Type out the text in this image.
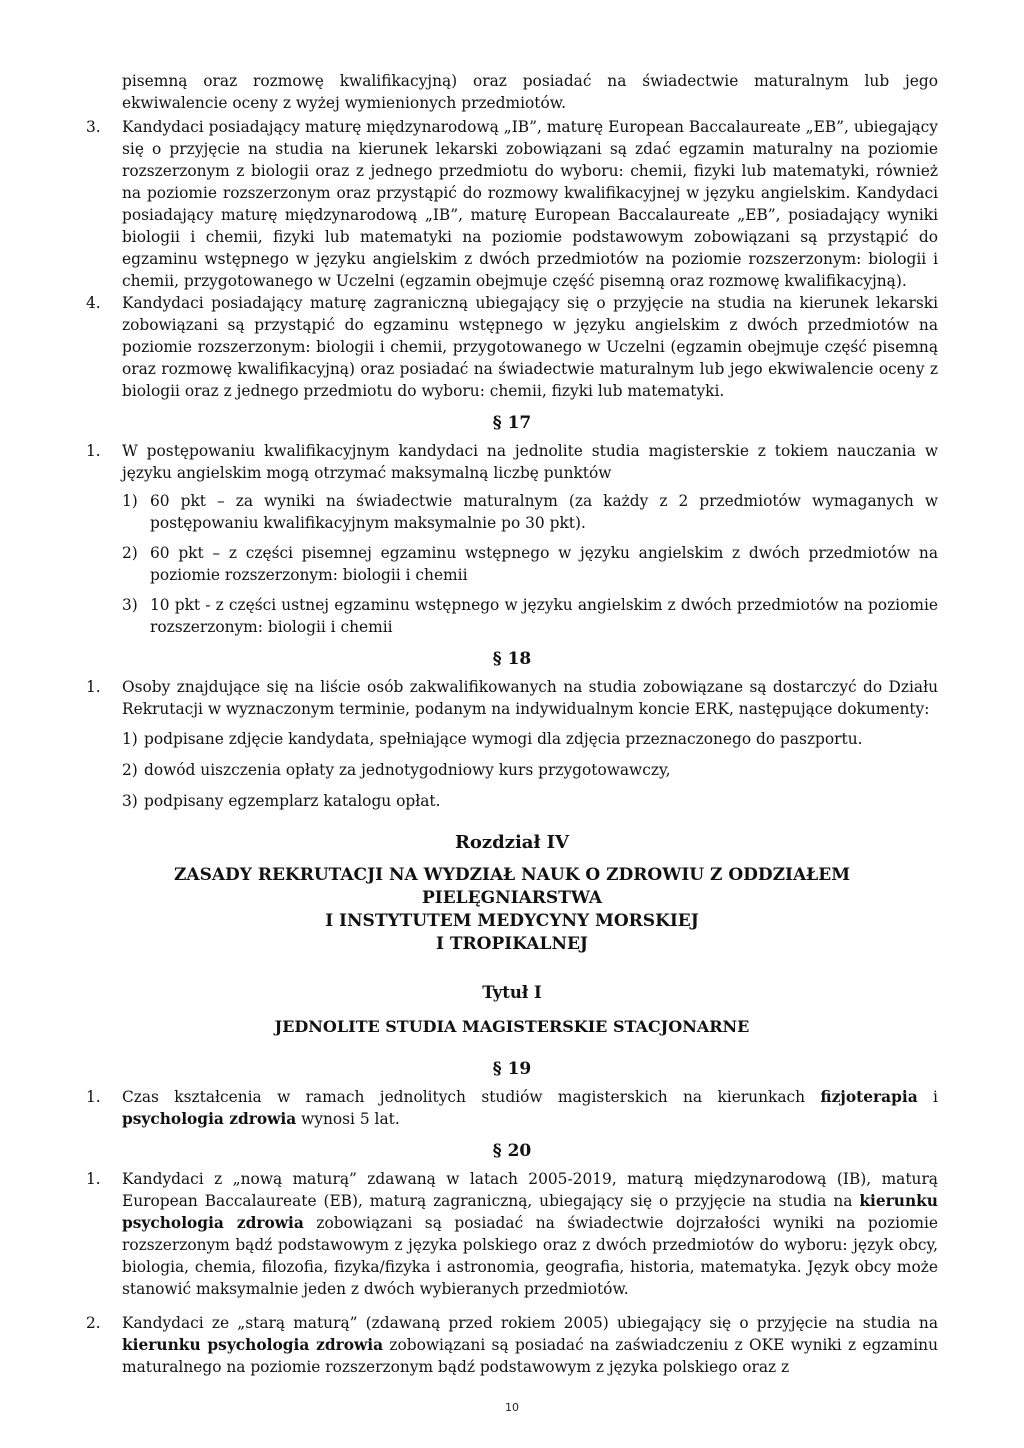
pisemną oraz rozmowę kwalifikacyjną) oraz posiadać na świadectwie maturalnym lub jego ekwiwalencie oceny z wyżej wymienionych przedmiotów.
3. Kandydaci posiadający maturę międzynarodową „IB”, maturę European Baccalaureate „EB”, ubiegający się o przyjęcie na studia na kierunek lekarski zobowiązani są zdać egzamin maturalny na poziomie rozszerzonym z biologii oraz z jednego przedmiotu do wyboru: chemii, fizyki lub matematyki, również na poziomie rozszerzonym oraz przystąpić do rozmowy kwalifikacyjnej w języku angielskim. Kandydaci posiadający maturę międzynarodową „IB”, maturę European Baccalaureate „EB”, posiadający wyniki biologii i chemii, fizyki lub matematyki na poziomie podstawowym zobowiązani są przystąpić do egzaminu wstępnego w języku angielskim z dwóch przedmiotów na poziomie rozszerzonym: biologii i chemii, przygotowanego w Uczelni (egzamin obejmuje część pisemną oraz rozmowę kwalifikacyjną).
4. Kandydaci posiadający maturę zagraniczną ubiegający się o przyjęcie na studia na kierunek lekarski zobowiązani są przystąpić do egzaminu wstępnego w języku angielskim z dwóch przedmiotów na poziomie rozszerzonym: biologii i chemii, przygotowanego w Uczelni (egzamin obejmuje część pisemną oraz rozmowę kwalifikacyjną) oraz posiadać na świadectwie maturalnym lub jego ekwiwalencie oceny z biologii oraz z jednego przedmiotu do wyboru: chemii, fizyki lub matematyki.
§ 17
1. W postępowaniu kwalifikacyjnym kandydaci na jednolite studia magisterskie z tokiem nauczania w języku angielskim mogą otrzymać maksymalną liczbę punktów
1) 60 pkt – za wyniki na świadectwie maturalnym (za każdy z 2 przedmiotów wymaganych w postępowaniu kwalifikacyjnym maksymalnie po 30 pkt).
2) 60 pkt – z części pisemnej egzaminu wstępnego w języku angielskim z dwóch przedmiotów na poziomie rozszerzonym: biologii i chemii
3) 10 pkt - z części ustnej egzaminu wstępnego w języku angielskim z dwóch przedmiotów na poziomie rozszerzonym: biologii i chemii
§ 18
1. Osoby znajdujące się na liście osób zakwalifikowanych na studia zobowiązane są dostarczyć do Działu Rekrutacji w wyznaczonym terminie, podanym na indywidualnym koncie ERK, następujące dokumenty:
1) podpisane zdjęcie kandydata, spełniające wymogi dla zdjęcia przeznaczonego do paszportu.
2) dowód uiszczenia opłaty za jednotygodniowy kurs przygotowawczy,
3) podpisany egzemplarz katalogu opłat.
Rozdział IV
ZASADY REKRUTACJI NA WYDZIAŁ NAUK O ZDROWIU Z ODDZIAŁEM PIELĘGNIARSTWA
I INSTYTUTEM MEDYCYNY MORSKIEJ
I TROPIKALNEJ
Tytuł I
JEDNOLITE STUDIA MAGISTERSKIE STACJONARNE
§ 19
1. Czas kształcenia w ramach jednolitych studiów magisterskich na kierunkach fizjoterapia i psychologia zdrowia wynosi 5 lat.
§ 20
1. Kandydaci z „nową maturą” zdawaną w latach 2005-2019, maturą międzynarodową (IB), maturą European Baccalaureate (EB), maturą zagraniczną, ubiegający się o przyjęcie na studia na kierunku psychologia zdrowia zobowiązani są posiadać na świadectwie dojrzałości wyniki na poziomie rozszerzonym bądź podstawowym z języka polskiego oraz z dwóch przedmiotów do wyboru: język obcy, biologia, chemia, filozofia, fizyka/fizyka i astronomia, geografia, historia, matematyka. Język obcy może stanowić maksymalnie jeden z dwóch wybieranych przedmiotów.
2. Kandydaci ze „starą maturą” (zdawaną przed rokiem 2005) ubiegający się o przyjęcie na studia na kierunku psychologia zdrowia zobowiązani są posiadać na zaświadczeniu z OKE wyniki z egzaminu maturalnego na poziomie rozszerzonym bądź podstawowym z języka polskiego oraz z
10
